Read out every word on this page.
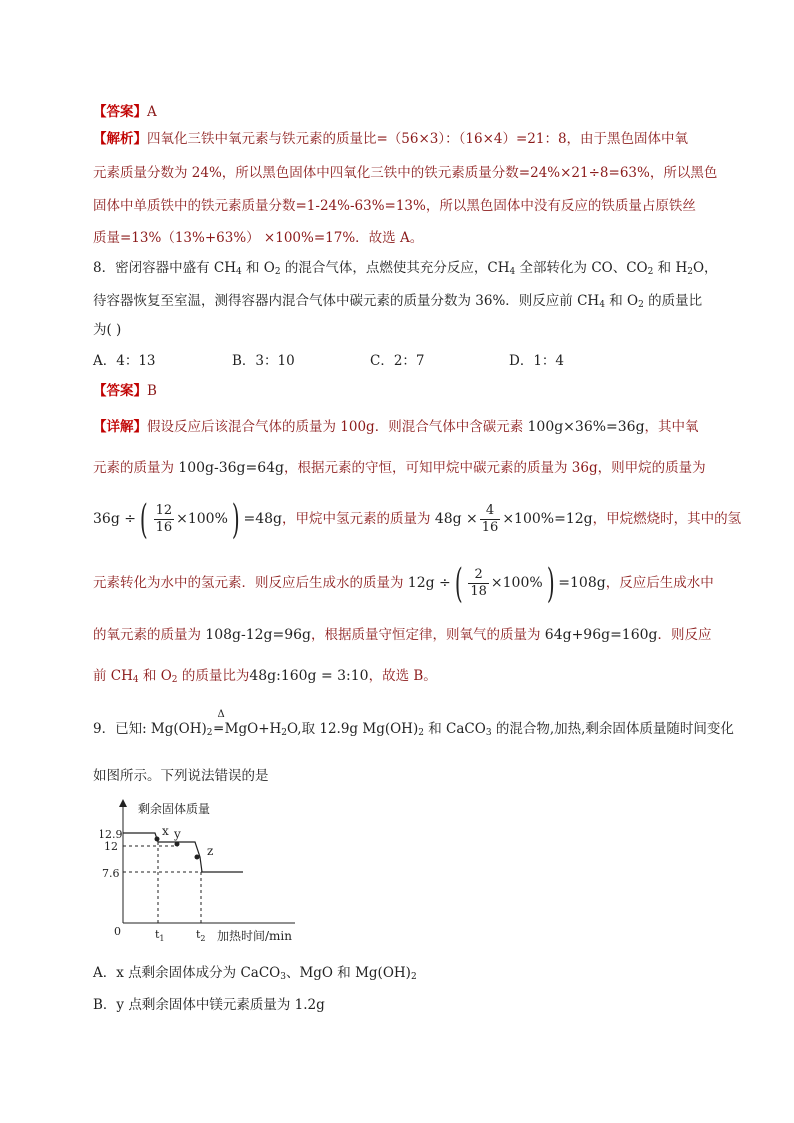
【答案】A
【解析】四氧化三铁中氧元素与铁元素的质量比=（56×3）：（16×4）=21：8，由于黑色固体中氧
元素质量分数为 24%，所以黑色固体中四氧化三铁中的铁元素质量分数=24%×21÷8=63%，所以黑色
固体中单质铁中的铁元素质量分数=1-24%-63%=13%，所以黑色固体中没有反应的铁质量占原铁丝
质量=13%（13%+63%） ×100%=17%．故选 A。
8．密闭容器中盛有 $CH_4$ 和 $O_2$ 的混合气体，点燃使其充分反应，$CH_4$ 全部转化为 CO、$CO_2$ 和 $H_2O$，
待容器恢复至室温，测得容器内混合气体中碳元素的质量分数为 36%．则反应前 $CH_4$ 和 $O_2$ 的质量比
为( )
A．4：13	B．3：10	C．2：7	D．1：4
【答案】B
【详解】假设反应后该混合气体的质量为 100g．则混合气体中含碳元素 100g×36%=36g，其中氧
元素的质量为 100g-36g=64g，根据元素的守恒，可知甲烷中碳元素的质量为 36g，则甲烷的质量为
36g ÷( $\frac{12}{16} \times 100\%) =48g$，甲烷中氢元素的质量为 $48g \times \frac{4}{16} \times 100\%=12g$，甲烷燃烧时，其中的氢
元素转化为水中的氢元素．则反应后生成水的质量为 12g ÷( $\frac{2}{18} \times 100\%) =108g$，反应后生成水中
的氧元素的质量为 108g-12g=96g，根据质量守恒定律，则氧气的质量为 64g+96g=160g．则反应
前 $CH_4$ 和 $O_2$ 的质量比为48g:160g = 3:10，故选 B。
9．已知: $Mg(OH)_2$
Δ
═ $MgO+H_2O$,取 12.9g $Mg(OH)_2$ 和 CaCO$_3$ 的混合物,加热,剩余固体质量随时间变化
如图所示。下列说法错误的是
剩余固体质量
加热时间/min
0
12.9
12
7.6
x y
z
$t_1$	$t_2$
A．x 点剩余固体成分为 CaCO$_3$、MgO 和 $Mg(OH)_2$
B．y 点剩余固体中镁元素质量为 1.2g
